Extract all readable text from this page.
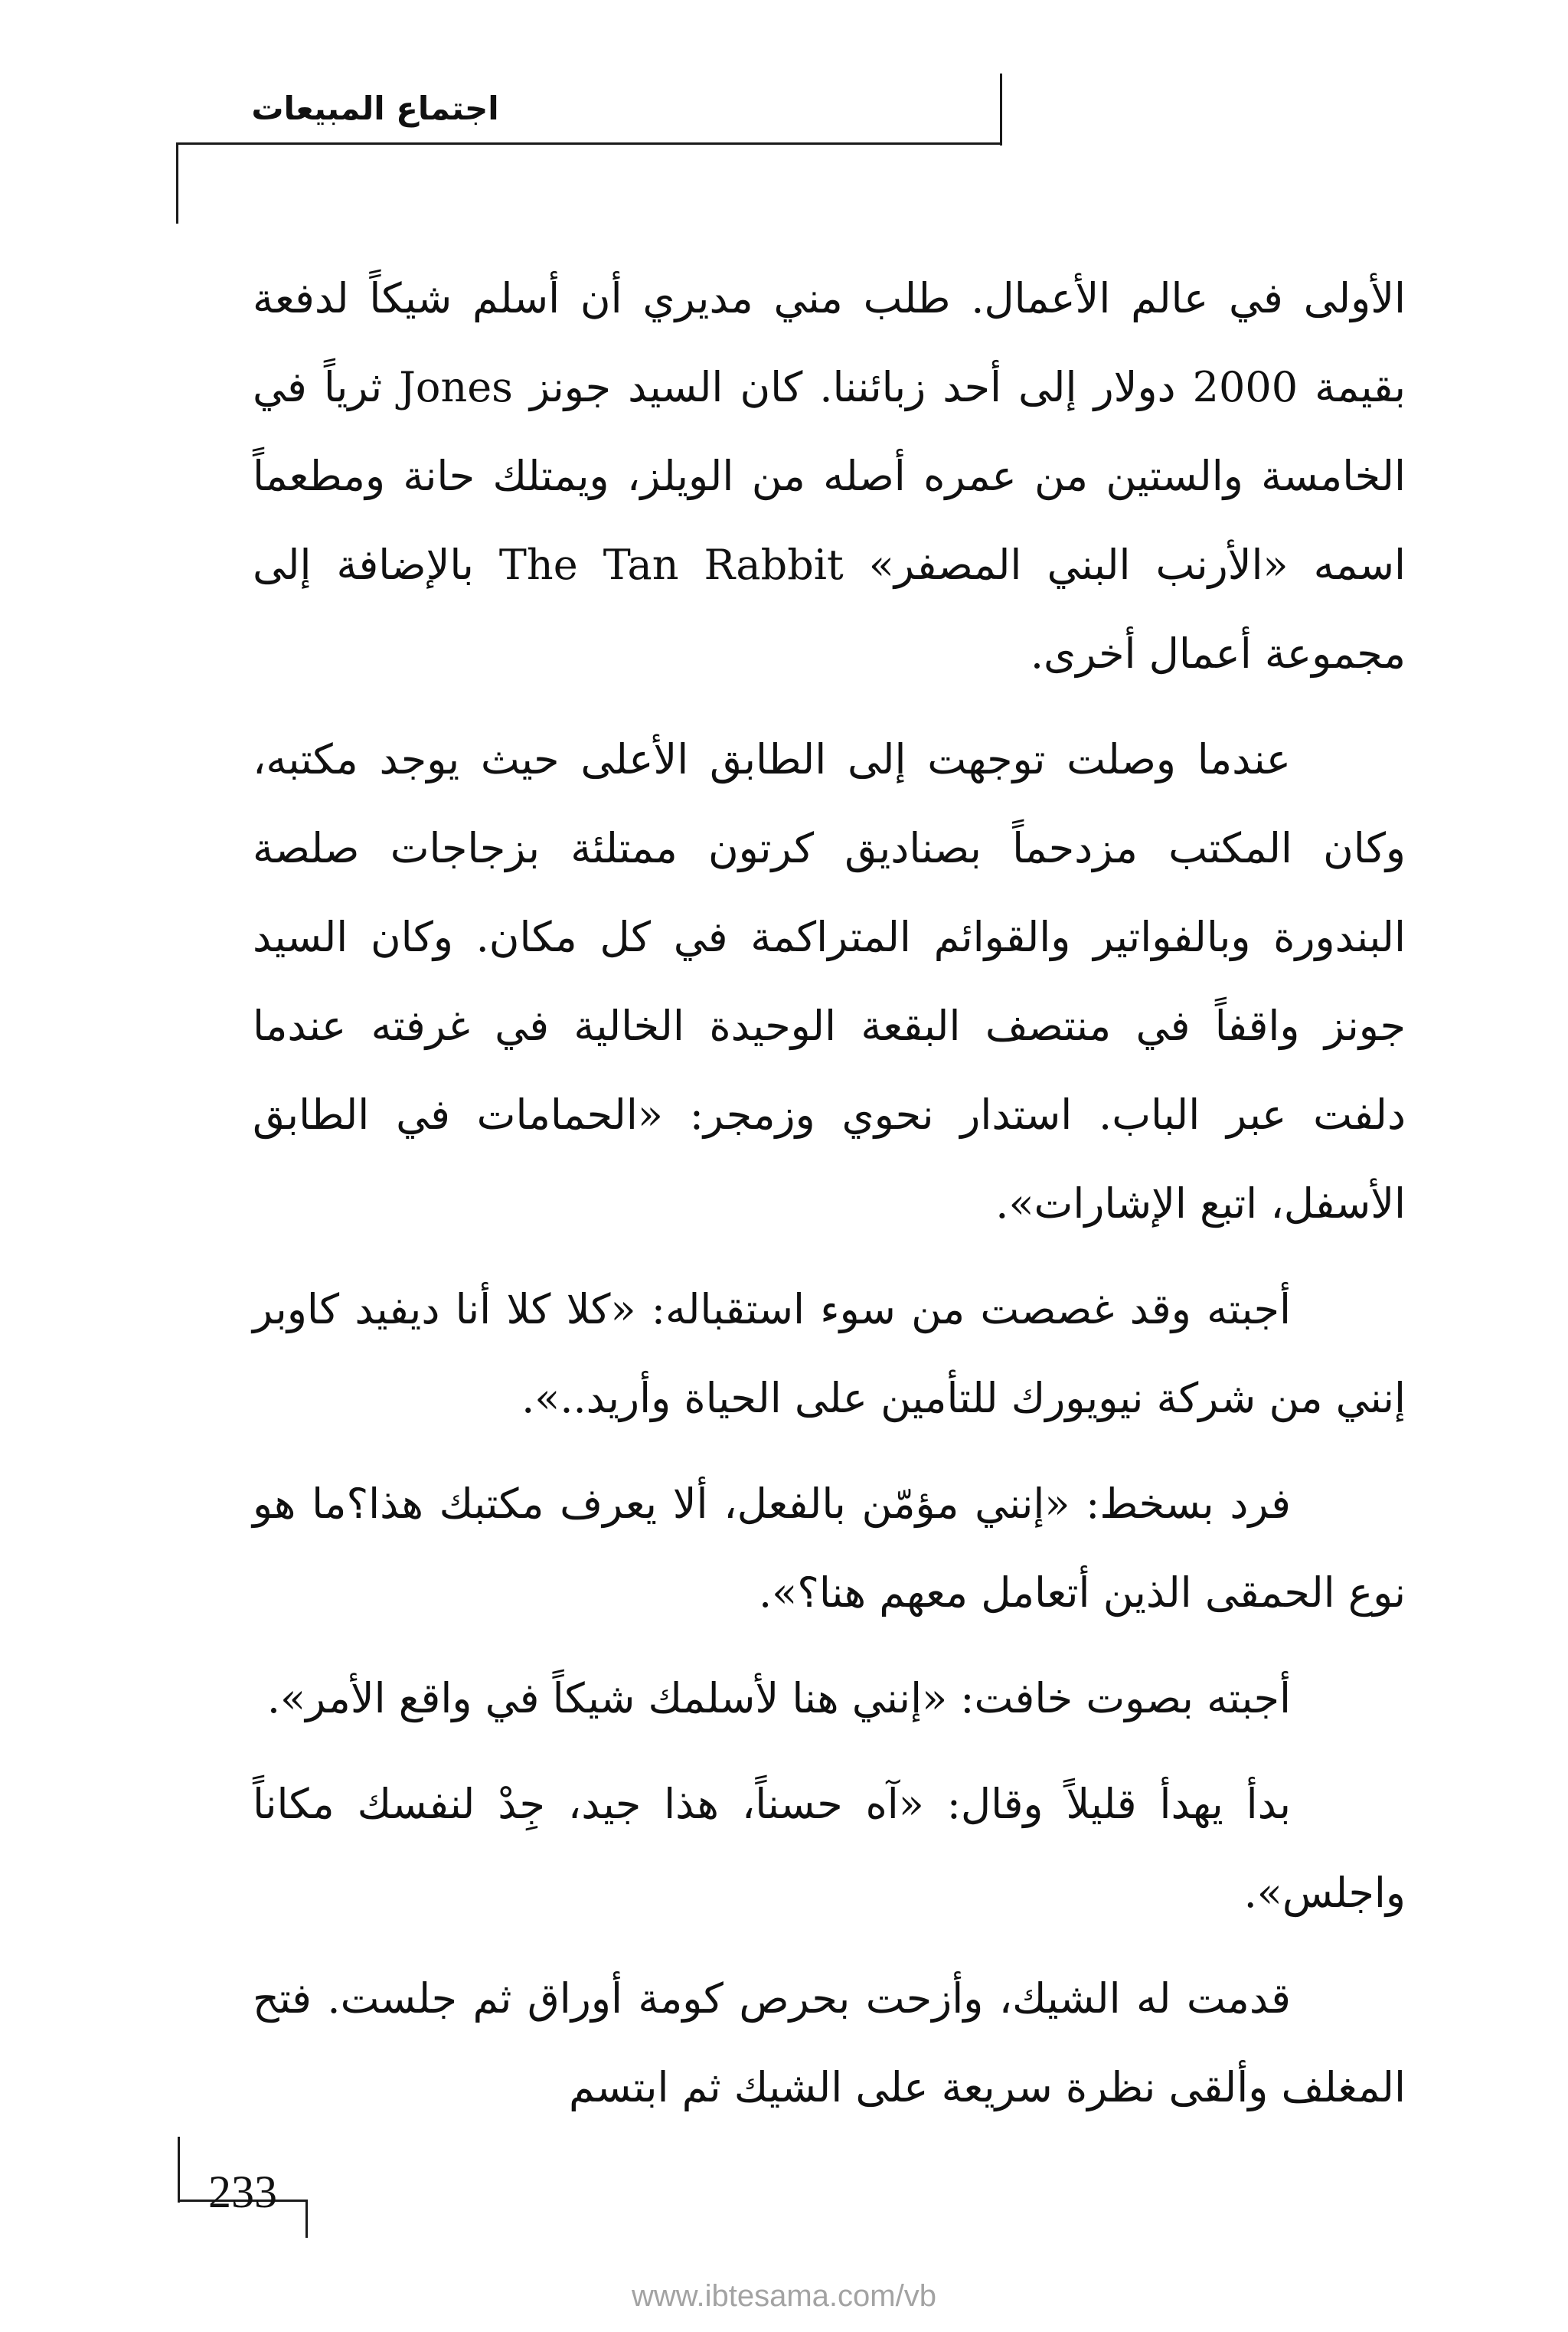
اجتماع المبيعات

الأولى في عالم الأعمال. طلب مني مديري أن أسلم شيكاً لدفعة بقيمة 2000 دولار إلى أحد زبائننا. كان السيد جونز Jones ثرياً في الخامسة والستين من عمره أصله من الويلز، ويمتلك حانة ومطعماً اسمه «الأرنب البني المصفر» The Tan Rabbit بالإضافة إلى مجموعة أعمال أخرى.

عندما وصلت توجهت إلى الطابق الأعلى حيث يوجد مكتبه، وكان المكتب مزدحماً بصناديق كرتون ممتلئة بزجاجات صلصة البندورة وبالفواتير والقوائم المتراكمة في كل مكان. وكان السيد جونز واقفاً في منتصف البقعة الوحيدة الخالية في غرفته عندما دلفت عبر الباب. استدار نحوي وزمجر: «الحمامات في الطابق الأسفل، اتبع الإشارات».

أجبته وقد غصصت من سوء استقباله: «كلا كلا أنا ديفيد كاوبر إنني من شركة نيويورك للتأمين على الحياة وأريد..».

فرد بسخط: «إنني مؤمّن بالفعل، ألا يعرف مكتبك هذا؟ما هو نوع الحمقى الذين أتعامل معهم هنا؟».

أجبته بصوت خافت: «إنني هنا لأسلمك شيكاً في واقع الأمر».

بدأ يهدأ قليلاً وقال: «آه حسناً، هذا جيد، جِدْ لنفسك مكاناً واجلس».

قدمت له الشيك، وأزحت بحرص كومة أوراق ثم جلست. فتح المغلف وألقى نظرة سريعة على الشيك ثم ابتسم

233
www.ibtesama.com/vb
